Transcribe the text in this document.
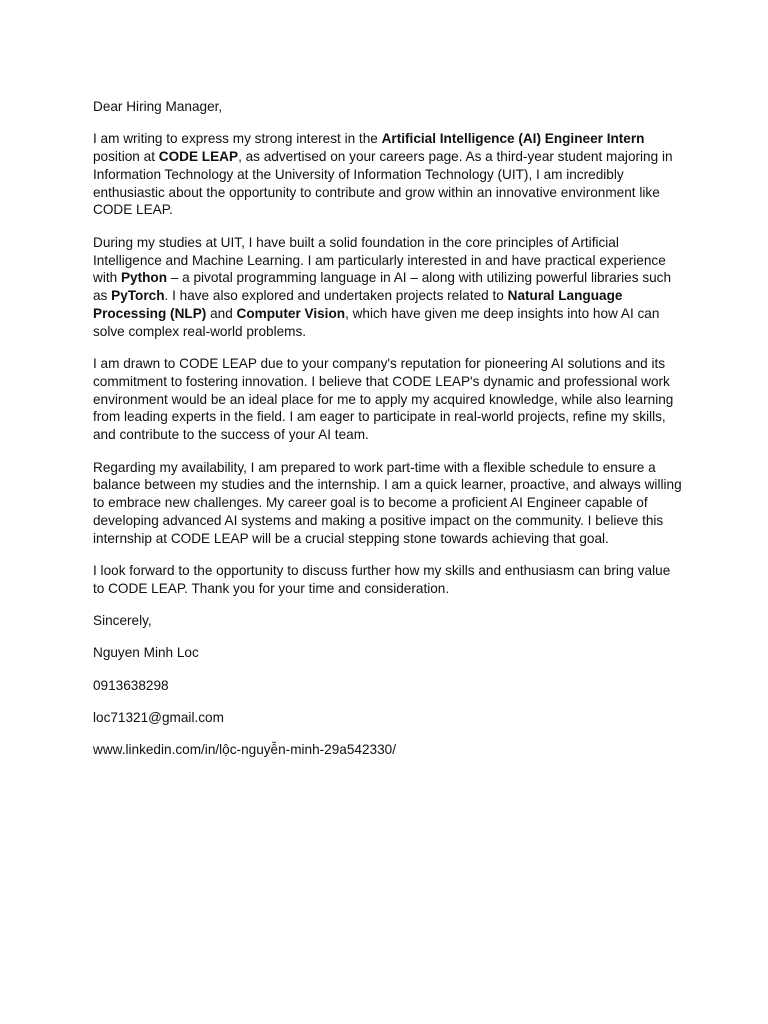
Dear Hiring Manager,

I am writing to express my strong interest in the Artificial Intelligence (AI) Engineer Intern position at CODE LEAP, as advertised on your careers page. As a third-year student majoring in Information Technology at the University of Information Technology (UIT), I am incredibly enthusiastic about the opportunity to contribute and grow within an innovative environment like CODE LEAP.

During my studies at UIT, I have built a solid foundation in the core principles of Artificial Intelligence and Machine Learning. I am particularly interested in and have practical experience with Python – a pivotal programming language in AI – along with utilizing powerful libraries such as PyTorch. I have also explored and undertaken projects related to Natural Language Processing (NLP) and Computer Vision, which have given me deep insights into how AI can solve complex real-world problems.

I am drawn to CODE LEAP due to your company's reputation for pioneering AI solutions and its commitment to fostering innovation. I believe that CODE LEAP's dynamic and professional work environment would be an ideal place for me to apply my acquired knowledge, while also learning from leading experts in the field. I am eager to participate in real-world projects, refine my skills, and contribute to the success of your AI team.

Regarding my availability, I am prepared to work part-time with a flexible schedule to ensure a balance between my studies and the internship. I am a quick learner, proactive, and always willing to embrace new challenges. My career goal is to become a proficient AI Engineer capable of developing advanced AI systems and making a positive impact on the community. I believe this internship at CODE LEAP will be a crucial stepping stone towards achieving that goal.

I look forward to the opportunity to discuss further how my skills and enthusiasm can bring value to CODE LEAP. Thank you for your time and consideration.

Sincerely,

Nguyen Minh Loc

0913638298

loc71321@gmail.com

www.linkedin.com/in/lộc-nguyễn-minh-29a542330/
